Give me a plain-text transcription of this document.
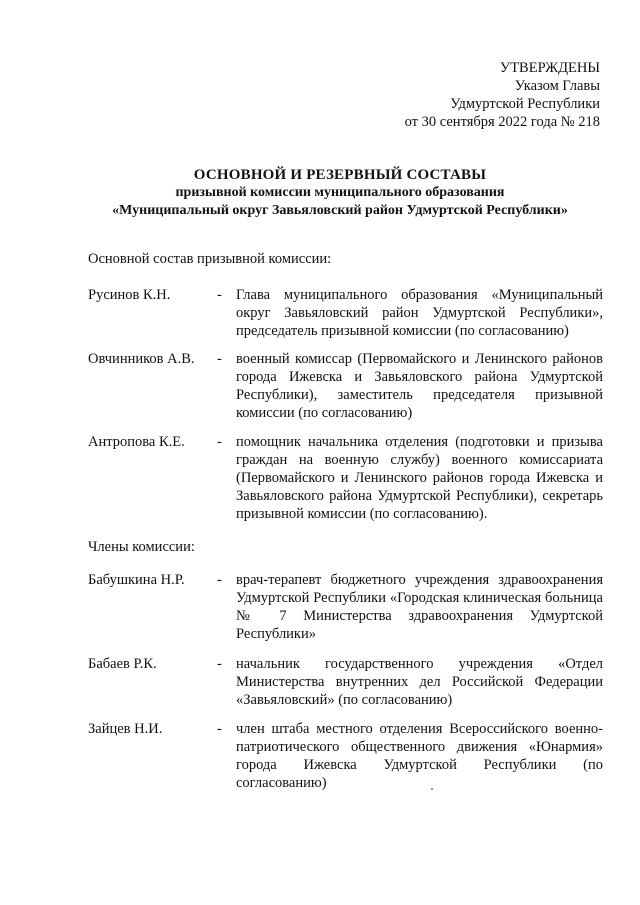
УТВЕРЖДЕНЫ
Указом Главы
Удмуртской Республики
от 30 сентября 2022 года № 218
ОСНОВНОЙ И РЕЗЕРВНЫЙ СОСТАВЫ
призывной комиссии муниципального образования
«Муниципальный округ Завьяловский район Удмуртской Республики»
Основной состав призывной комиссии:
Русинов К.Н.	- Глава муниципального образования «Муниципальный округ Завьяловский район Удмуртской Республики», председатель призывной комиссии (по согласованию)
Овчинников А.В. - военный комиссар (Первомайского и Ленинского районов города Ижевска и Завьяловского района Удмуртской Республики), заместитель председателя призывной комиссии (по согласованию)
Антропова К.Е. - помощник начальника отделения (подготовки и призыва граждан на военную службу) военного комиссариата (Первомайского и Ленинского районов города Ижевска и Завьяловского района Удмуртской Республики), секретарь призывной комиссии (по согласованию).
Члены комиссии:
Бабушкина Н.Р. - врач-терапевт бюджетного учреждения здравоохранения Удмуртской Республики «Городская клиническая больница № 7 Министерства здравоохранения Удмуртской Республики»
Бабаев Р.К.	- начальник государственного учреждения «Отдел Министерства внутренних дел Российской Федерации «Завьяловский» (по согласованию)
Зайцев Н.И.	- член штаба местного отделения Всероссийского военно-патриотического общественного движения «Юнармия» города Ижевска Удмуртской Республики (по согласованию)
